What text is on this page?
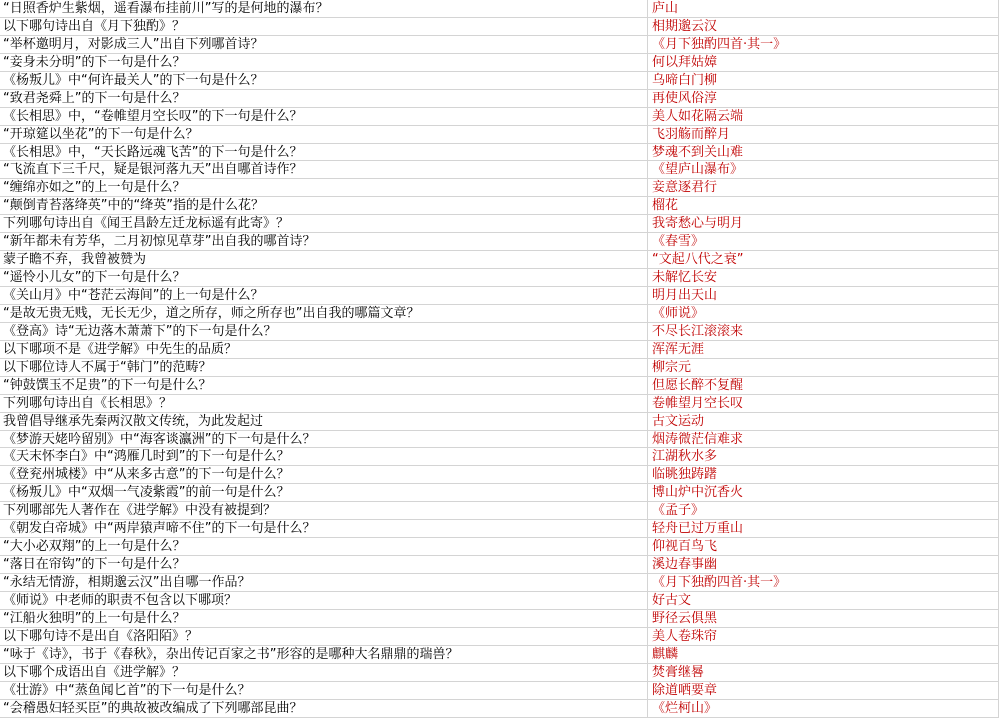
“日照香炉生紫烟，遥看瀑布挂前川”写的是何地的瀑布？	庐山
以下哪句诗出自《月下独酌》？	相期邈云汉
“举杯邀明月，对影成三人”出自下列哪首诗？	《月下独酌四首·其一》
“妾身未分明”的下一句是什么？	何以拜姑嫜
《杨叛儿》中“何许最关人”的下一句是什么？	乌啼白门柳
“致君尧舜上”的下一句是什么？	再使风俗淳
《长相思》中，“卷帷望月空长叹”的下一句是什么？	美人如花隔云端
“开琼筵以坐花”的下一句是什么？	飞羽觞而醉月
《长相思》中，“天长路远魂飞苦”的下一句是什么？	梦魂不到关山难
“飞流直下三千尺，疑是银河落九天”出自哪首诗作？	《望庐山瀑布》
“缠绵亦如之”的上一句是什么？	妾意逐君行
“颠倒青苔落绛英”中的“绛英”指的是什么花？	榴花
下列哪句诗出自《闻王昌龄左迁龙标遥有此寄》？	我寄愁心与明月
“新年都未有芳华，二月初惊见草芽”出自我的哪首诗？	《春雪》
蒙子瞻不弃，我曾被赞为	“文起八代之衰”
“遥怜小儿女”的下一句是什么？	未解忆长安
《关山月》中“苍茫云海间”的上一句是什么？	明月出天山
“是故无贵无贱，无长无少，道之所存，师之所存也”出自我的哪篇文章？	《师说》
《登高》诗“无边落木萧萧下”的下一句是什么？	不尽长江滚滚来
以下哪项不是《进学解》中先生的品质？	浑浑无涯
以下哪位诗人不属于“韩门”的范畴？	柳宗元
“钟鼓馔玉不足贵”的下一句是什么？	但愿长醉不复醒
下列哪句诗出自《长相思》？	卷帷望月空长叹
我曾倡导继承先秦两汉散文传统，为此发起过	古文运动
《梦游天姥吟留别》中“海客谈瀛洲”的下一句是什么？	烟涛微茫信难求
《天末怀李白》中“鸿雁几时到”的下一句是什么？	江湖秋水多
《登兖州城楼》中“从来多古意”的下一句是什么？	临眺独踌躇
《杨叛儿》中“双烟一气凌紫霞”的前一句是什么？	博山炉中沉香火
下列哪部先人著作在《进学解》中没有被提到？	《孟子》
《朝发白帝城》中“两岸猿声啼不住”的下一句是什么？	轻舟已过万重山
“大小必双翔”的上一句是什么？	仰视百鸟飞
“落日在帘钩”的下一句是什么？	溪边春事幽
“永结无情游，相期邈云汉”出自哪一作品？	《月下独酌四首·其一》
《师说》中老师的职责不包含以下哪项？	好古文
“江船火独明”的上一句是什么？	野径云俱黑
以下哪句诗不是出自《洛阳陌》？	美人卷珠帘
“咏于《诗》，书于《春秋》，杂出传记百家之书”形容的是哪种大名鼎鼎的瑞兽？	麒麟
以下哪个成语出自《进学解》？	焚膏继晷
《壮游》中“蒸鱼闻匕首”的下一句是什么？	除道哂要章
“会稽愚妇轻买臣”的典故被改编成了下列哪部昆曲？	《烂柯山》
